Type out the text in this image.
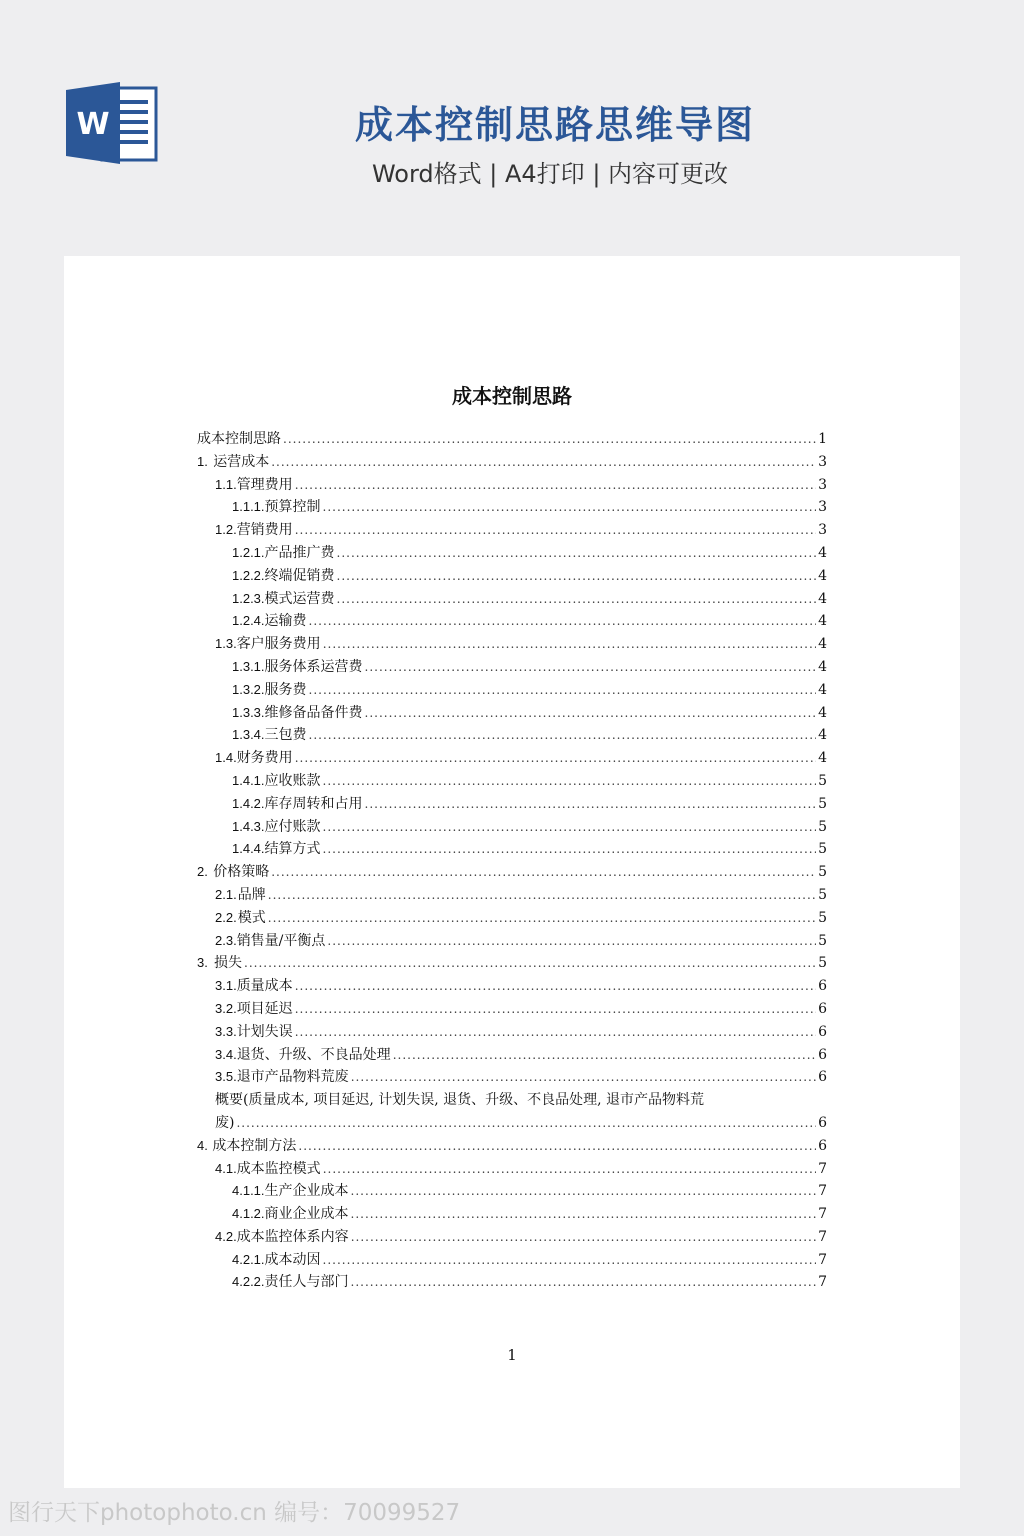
W	成本控制思路思维导图
Word格式 | A4打印 | 内容可更改
成本控制思路
成本控制思路 .....	1
1. 运营成本 .....	3
1.1. 管理费用 .....	3
1.1.1. 预算控制 .....	3
1.2. 营销费用 .....	3
1.2.1. 产品推广费 .....	4
1.2.2. 终端促销费 .....	4
1.2.3. 模式运营费 .....	4
1.2.4. 运输费 .....	4
1.3. 客户服务费用 .....	4
1.3.1. 服务体系运营费 .....	4
1.3.2. 服务费 .....	4
1.3.3. 维修备品备件费 .....	4
1.3.4. 三包费 .....	4
1.4. 财务费用 .....	4
1.4.1. 应收账款 .....	5
1.4.2. 库存周转和占用 .....	5
1.4.3. 应付账款 .....	5
1.4.4. 结算方式 .....	5
2. 价格策略 .....	5
2.1. 品牌 .....	5
2.2. 模式 .....	5
2.3. 销售量/平衡点 .....	5
3. 损失 .....	5
3.1. 质量成本 .....	6
3.2. 项目延迟 .....	6
3.3. 计划失误 .....	6
3.4. 退货、升级、不良品处理 .....	6
3.5. 退市产品物料荒废 .....	6
概要(质量成本, 项目延迟, 计划失误, 退货、升级、不良品处理, 退市产品物料荒
废) .....	6
4. 成本控制方法 .....	6
4.1. 成本监控模式 .....	7
4.1.1. 生产企业成本 .....	7
4.1.2. 商业企业成本 .....	7
4.2. 成本监控体系内容 .....	7
4.2.1. 成本动因 .....	7
4.2.2. 责任人与部门 .....	7
1
图行天下photophoto.cn 编号：70099527
